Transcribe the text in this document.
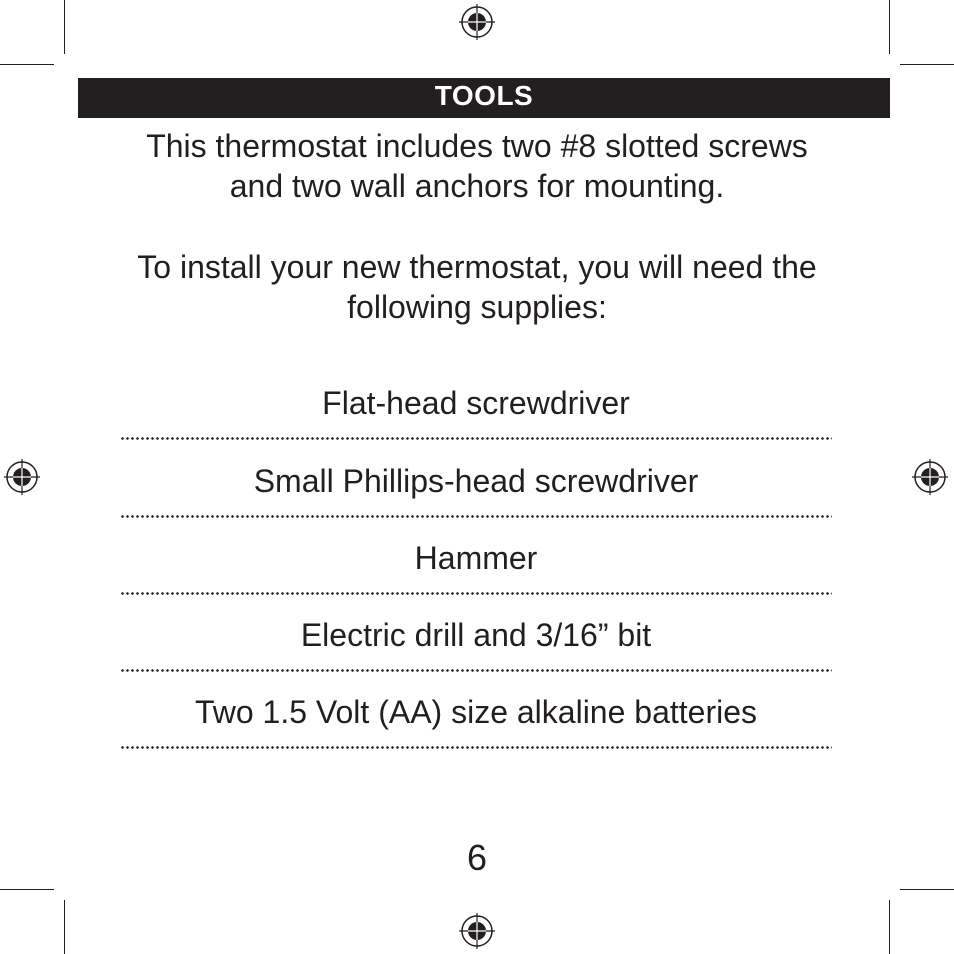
TOOLS
This thermostat includes two #8 slotted screws
and two wall anchors for mounting.
To install your new thermostat, you will need the
following supplies:
Flat-head screwdriver
Small Phillips-head screwdriver
Hammer
Electric drill and 3/16” bit
Two 1.5 Volt (AA) size alkaline batteries
6
